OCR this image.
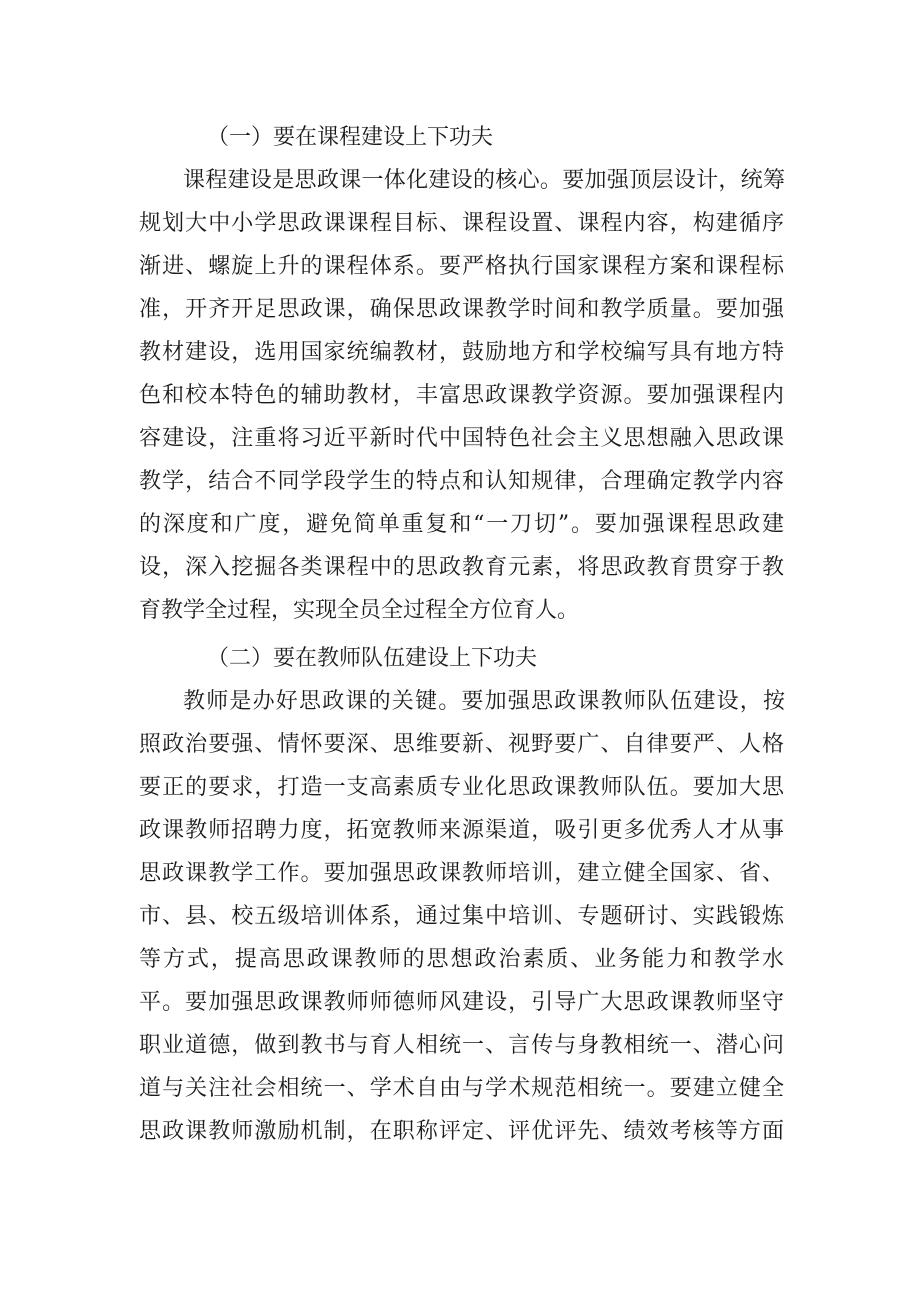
（一）要在课程建设上下功夫

课程建设是思政课一体化建设的核心。要加强顶层设计，统筹

规划大中小学思政课课程目标、课程设置、课程内容，构建循序

渐进、螺旋上升的课程体系。要严格执行国家课程方案和课程标

准，开齐开足思政课，确保思政课教学时间和教学质量。要加强

教材建设，选用国家统编教材，鼓励地方和学校编写具有地方特

色和校本特色的辅助教材，丰富思政课教学资源。要加强课程内

容建设，注重将习近平新时代中国特色社会主义思想融入思政课

教学，结合不同学段学生的特点和认知规律，合理确定教学内容

的深度和广度，避免简单重复和“一刀切”。要加强课程思政建

设，深入挖掘各类课程中的思政教育元素，将思政教育贯穿于教

育教学全过程，实现全员全过程全方位育人。

（二）要在教师队伍建设上下功夫

教师是办好思政课的关键。要加强思政课教师队伍建设，按

照政治要强、情怀要深、思维要新、视野要广、自律要严、人格

要正的要求，打造一支高素质专业化思政课教师队伍。要加大思

政课教师招聘力度，拓宽教师来源渠道，吸引更多优秀人才从事

思政课教学工作。要加强思政课教师培训，建立健全国家、省、

市、县、校五级培训体系，通过集中培训、专题研讨、实践锻炼

等方式，提高思政课教师的思想政治素质、业务能力和教学水

平。要加强思政课教师师德师风建设，引导广大思政课教师坚守

职业道德，做到教书与育人相统一、言传与身教相统一、潜心问

道与关注社会相统一、学术自由与学术规范相统一。要建立健全

思政课教师激励机制，在职称评定、评优评先、绩效考核等方面
